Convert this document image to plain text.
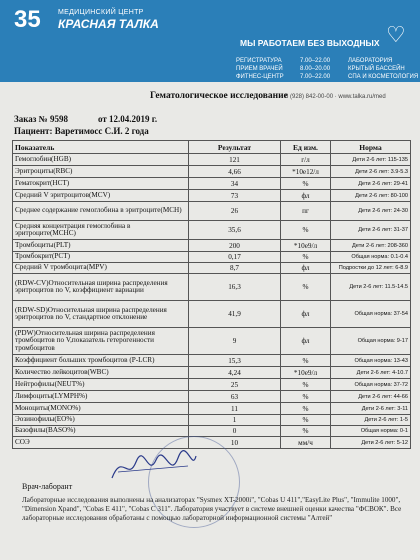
35 МЕДИЦИНСКИЙ ЦЕНТР
КРАСНАЯ ТАЛКА	♡
МЫ РАБОТАЕМ БЕЗ ВЫХОДНЫХ
РЕГИСТРАТУРА	7.00–22.00	ЛАБОРАТОРИЯ
ПРИЕМ ВРАЧЕЙ	8.00–20.00	КРЫТЫЙ БАССЕЙН
ФИТНЕС-ЦЕНТР	7.00–22.00	СПА И КОСМЕТОЛОГИЯ
Гематологическое исследование
8 (928) 842-00-00 · www.talka.ru/med
Заказ № 9598	от 12.04.2019 г.
Пациент: Варетимосс С.И. 2 года
Показатель	Результат	Ед изм.	Норма
Гемоглобин(HGB)	121	г/л	Дети 2-6 лет: 115-135
Эритроциты(RBC)	4,66	*10е12/л	Дети 2-6 лет: 3.9-5.3
Гематокрит(HCT)	34	%	Дети 2-6 лет: 29-41
Средний V эритроцитов(MCV)	73	фл	Дети 2-6 лет: 80-100
Среднее содержание гемоглобина в эритроците(MCH)	26	пг	Дети 2-6 лет: 24-30
Средняя концентрация гемоглобина в эритроците(MCHC)	35,6	%	Дети 2-6 лет: 31-37
Тромбоциты(PLT)	200	*10е9/л	Дети 2-6 лет: 208-360
Тромбокрит(PCT)	0,17	%	Общая норма: 0.1-0.4
Средний V тромбоцита(MPV)	8,7	фл	Подростки до 12 лет: 6-8.9
(RDW-CV)Относительная ширина распределения эритроцитов по V, коэффициент вариации	16,3	%	Дети 2-6 лет: 11.5-14.5
(RDW-SD)Относительная ширина распределения эритроцитов по V, стандартное отклонение	41,9	фл	Общая норма: 37-54
(PDW)Относительная ширина распределения тромбоцитов по V,показатель гетерогенности тромбоцитов	9	фл	Общая норма: 9-17
Коэффициент больших тромбоцитов (P-LCR)	15,3	%	Общая норма: 13-43
Количество лейкоцитов(WBC)	4,24	*10е9/л	Дети 2-6 лет: 4-10.7
Нейтрофилы(NEUT%)	25	%	Общая норма: 37-72
Лимфоциты(LYMPH%)	63	%	Дети 2-6 лет: 44-66
Моноциты(MONO%)	11	%	Дети 2-6 лет: 3-11
Эозинофилы(EO%)	1	%	Дети 2-6 лет: 1-5
Базофилы(BASO%)	0	%	Общая норма: 0-1
СОЭ	10	мм/ч	Дети 2-6 лет: 5-12
Врач-лаборант
Лабораторные исследования выполнены на анализаторах "Sysmex XT-2000i", "Cobas U 411","EasyLite Plus", "Immulite 1000", "Dimension Xpand", "Cobas E 411", "Cobas C 311". Лаборатория участвует в системе внешней оценки качества "ФСВОК". Все лабораторные исследования обработаны с помощью лабораторной информационной системы "Алтей"
